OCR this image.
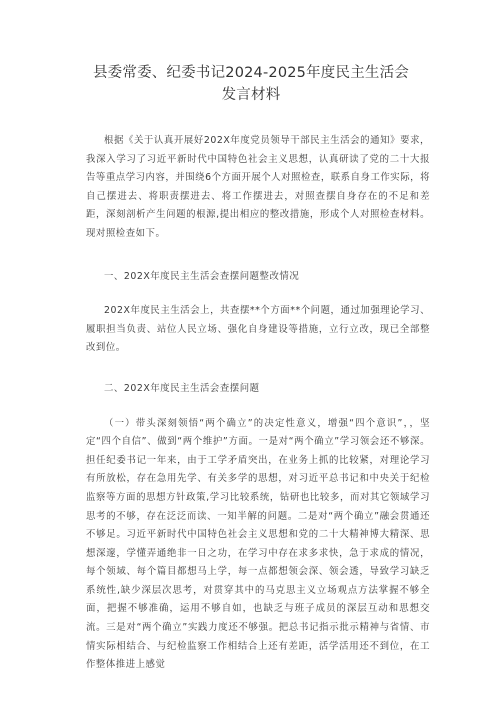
县委常委、纪委书记2024-2025年度民主生活会发言材料

根据《关于认真开展好202X年度党员领导干部民主生活会的通知》要求，我深入学习了习近平新时代中国特色社会主义思想，认真研读了党的二十大报告等重点学习内容，并围绕6个方面开展个人对照检查，联系自身工作实际，将自己摆进去、将职责摆进去、将工作摆进去，对照查摆自身存在的不足和差距，深刻剖析产生问题的根源,提出相应的整改措施，形成个人对照检查材料。现对照检查如下。

一、202X年度民主生活会查摆问题整改情况

202X年度民主生活会上，共查摆**个方面**个问题，通过加强理论学习、履职担当负责、站位人民立场、强化自身建设等措施，立行立改，现已全部整改到位。

二、202X年度民主生活会查摆问题

（一）带头深刻领悟“两个确立”的决定性意义，增强“四个意识”，，坚定“四个自信”、做到“两个维护”方面。一是对“两个确立”学习领会还不够深。担任纪委书记一年来，由于工学矛盾突出，在业务上抓的比较紧，对理论学习有所放松，存在急用先学、有关多学的思想，对习近平总书记和中央关于纪检监察等方面的思想方针政策,学习比较系统，钻研也比较多，而对其它领域学习思考的不够，存在泛泛而读、一知半解的问题。二是对“两个确立”融会贯通还不够足。习近平新时代中国特色社会主义思想和党的二十大精神博大精深、思想深邃，学懂弄通绝非一日之功，在学习中存在求多求快，急于求成的情况，每个领域、每个篇目都想马上学，每一点都想领会深、领会透，导致学习缺乏系统性,缺少深层次思考，对贯穿其中的马克思主义立场观点方法掌握不够全面，把握不够准确，运用不够自如，也缺乏与班子成员的深层互动和思想交流。三是对“两个确立”实践力度还不够强。把总书记指示批示精神与省情、市情实际相结合、与纪检监察工作相结合上还有差距，活学活用还不到位，在工作整体推进上感觉
